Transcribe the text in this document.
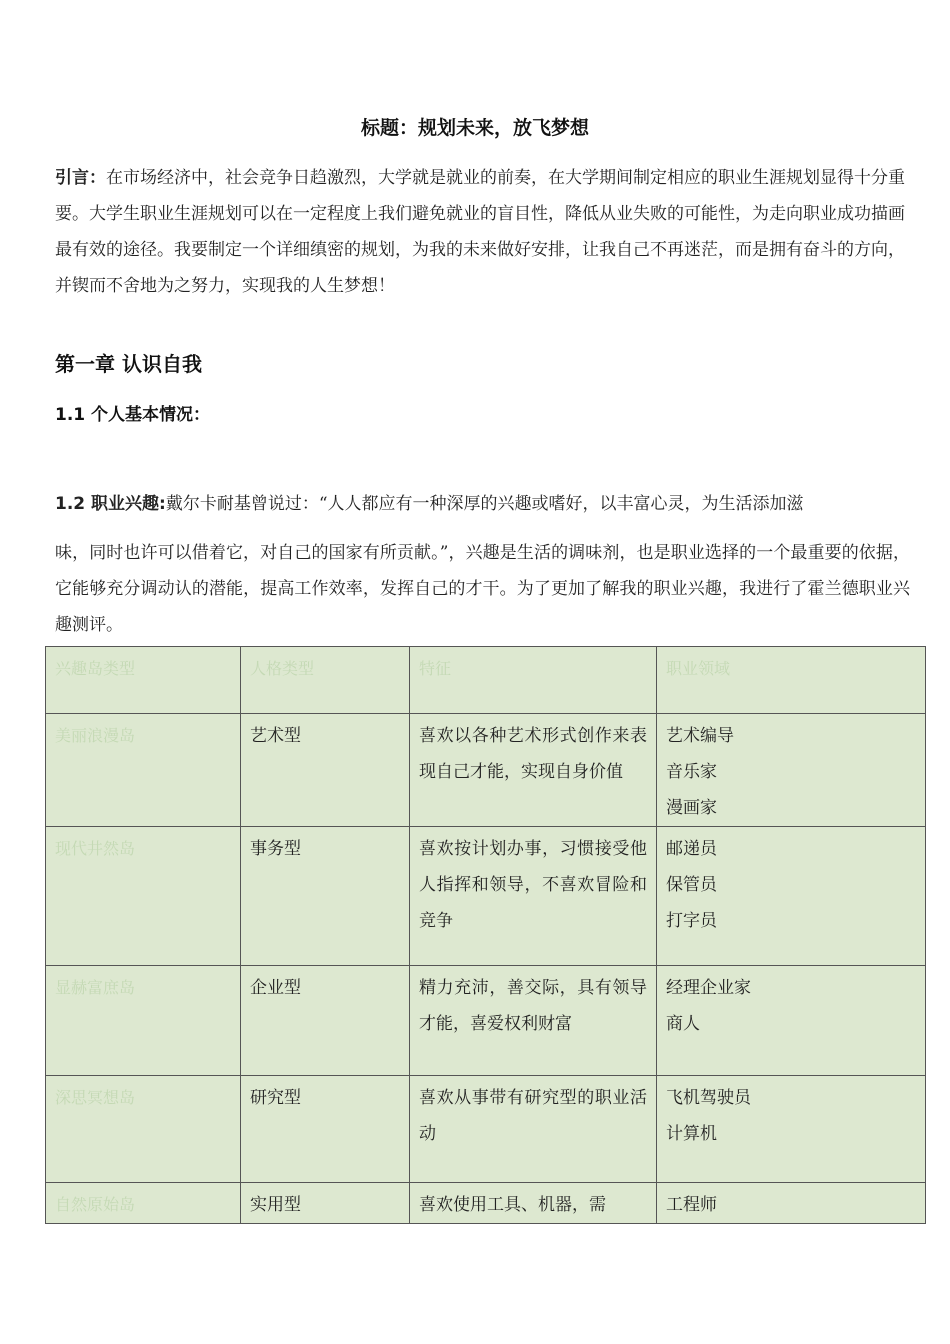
标题：规划未来，放飞梦想

引言：在市场经济中，社会竞争日趋激烈，大学就是就业的前奏，在大学期间制定相应的职业生涯规划显得十分重要。大学生职业生涯规划可以在一定程度上我们避免就业的盲目性，降低从业失败的可能性，为走向职业成功描画最有效的途径。我要制定一个详细缜密的规划，为我的未来做好安排，让我自己不再迷茫，而是拥有奋斗的方向，并锲而不舍地为之努力，实现我的人生梦想！

第一章 认识自我
1.1 个人基本情况：

1.2 职业兴趣:戴尔卡耐基曾说过：“人人都应有一种深厚的兴趣或嗜好，以丰富心灵，为生活添加滋
味，同时也许可以借着它，对自己的国家有所贡献。”，兴趣是生活的调味剂，也是职业选择的一个最重要的依据，它能够充分调动认的潜能，提高工作效率，发挥自己的才干。为了更加了解我的职业兴趣，我进行了霍兰德职业兴趣测评。

兴趣岛类型	人格类型	特征	职业领域
美丽浪漫岛	艺术型	喜欢以各种艺术形式创作来表现自己才能，实现自身价值	艺术编导
音乐家
漫画家

现代井然岛	事务型	喜欢按计划办事，习惯接受他人指挥和领导，不喜欢冒险和竞争	邮递员
保管员
打字员

显赫富庶岛	企业型	精力充沛，善交际，具有领导才能，喜爱权利财富	经理企业家
商人

深思冥想岛	研究型	喜欢从事带有研究型的职业活动	飞机驾驶员
计算机

自然原始岛	实用型	喜欢使用工具、机器，需	工程师
